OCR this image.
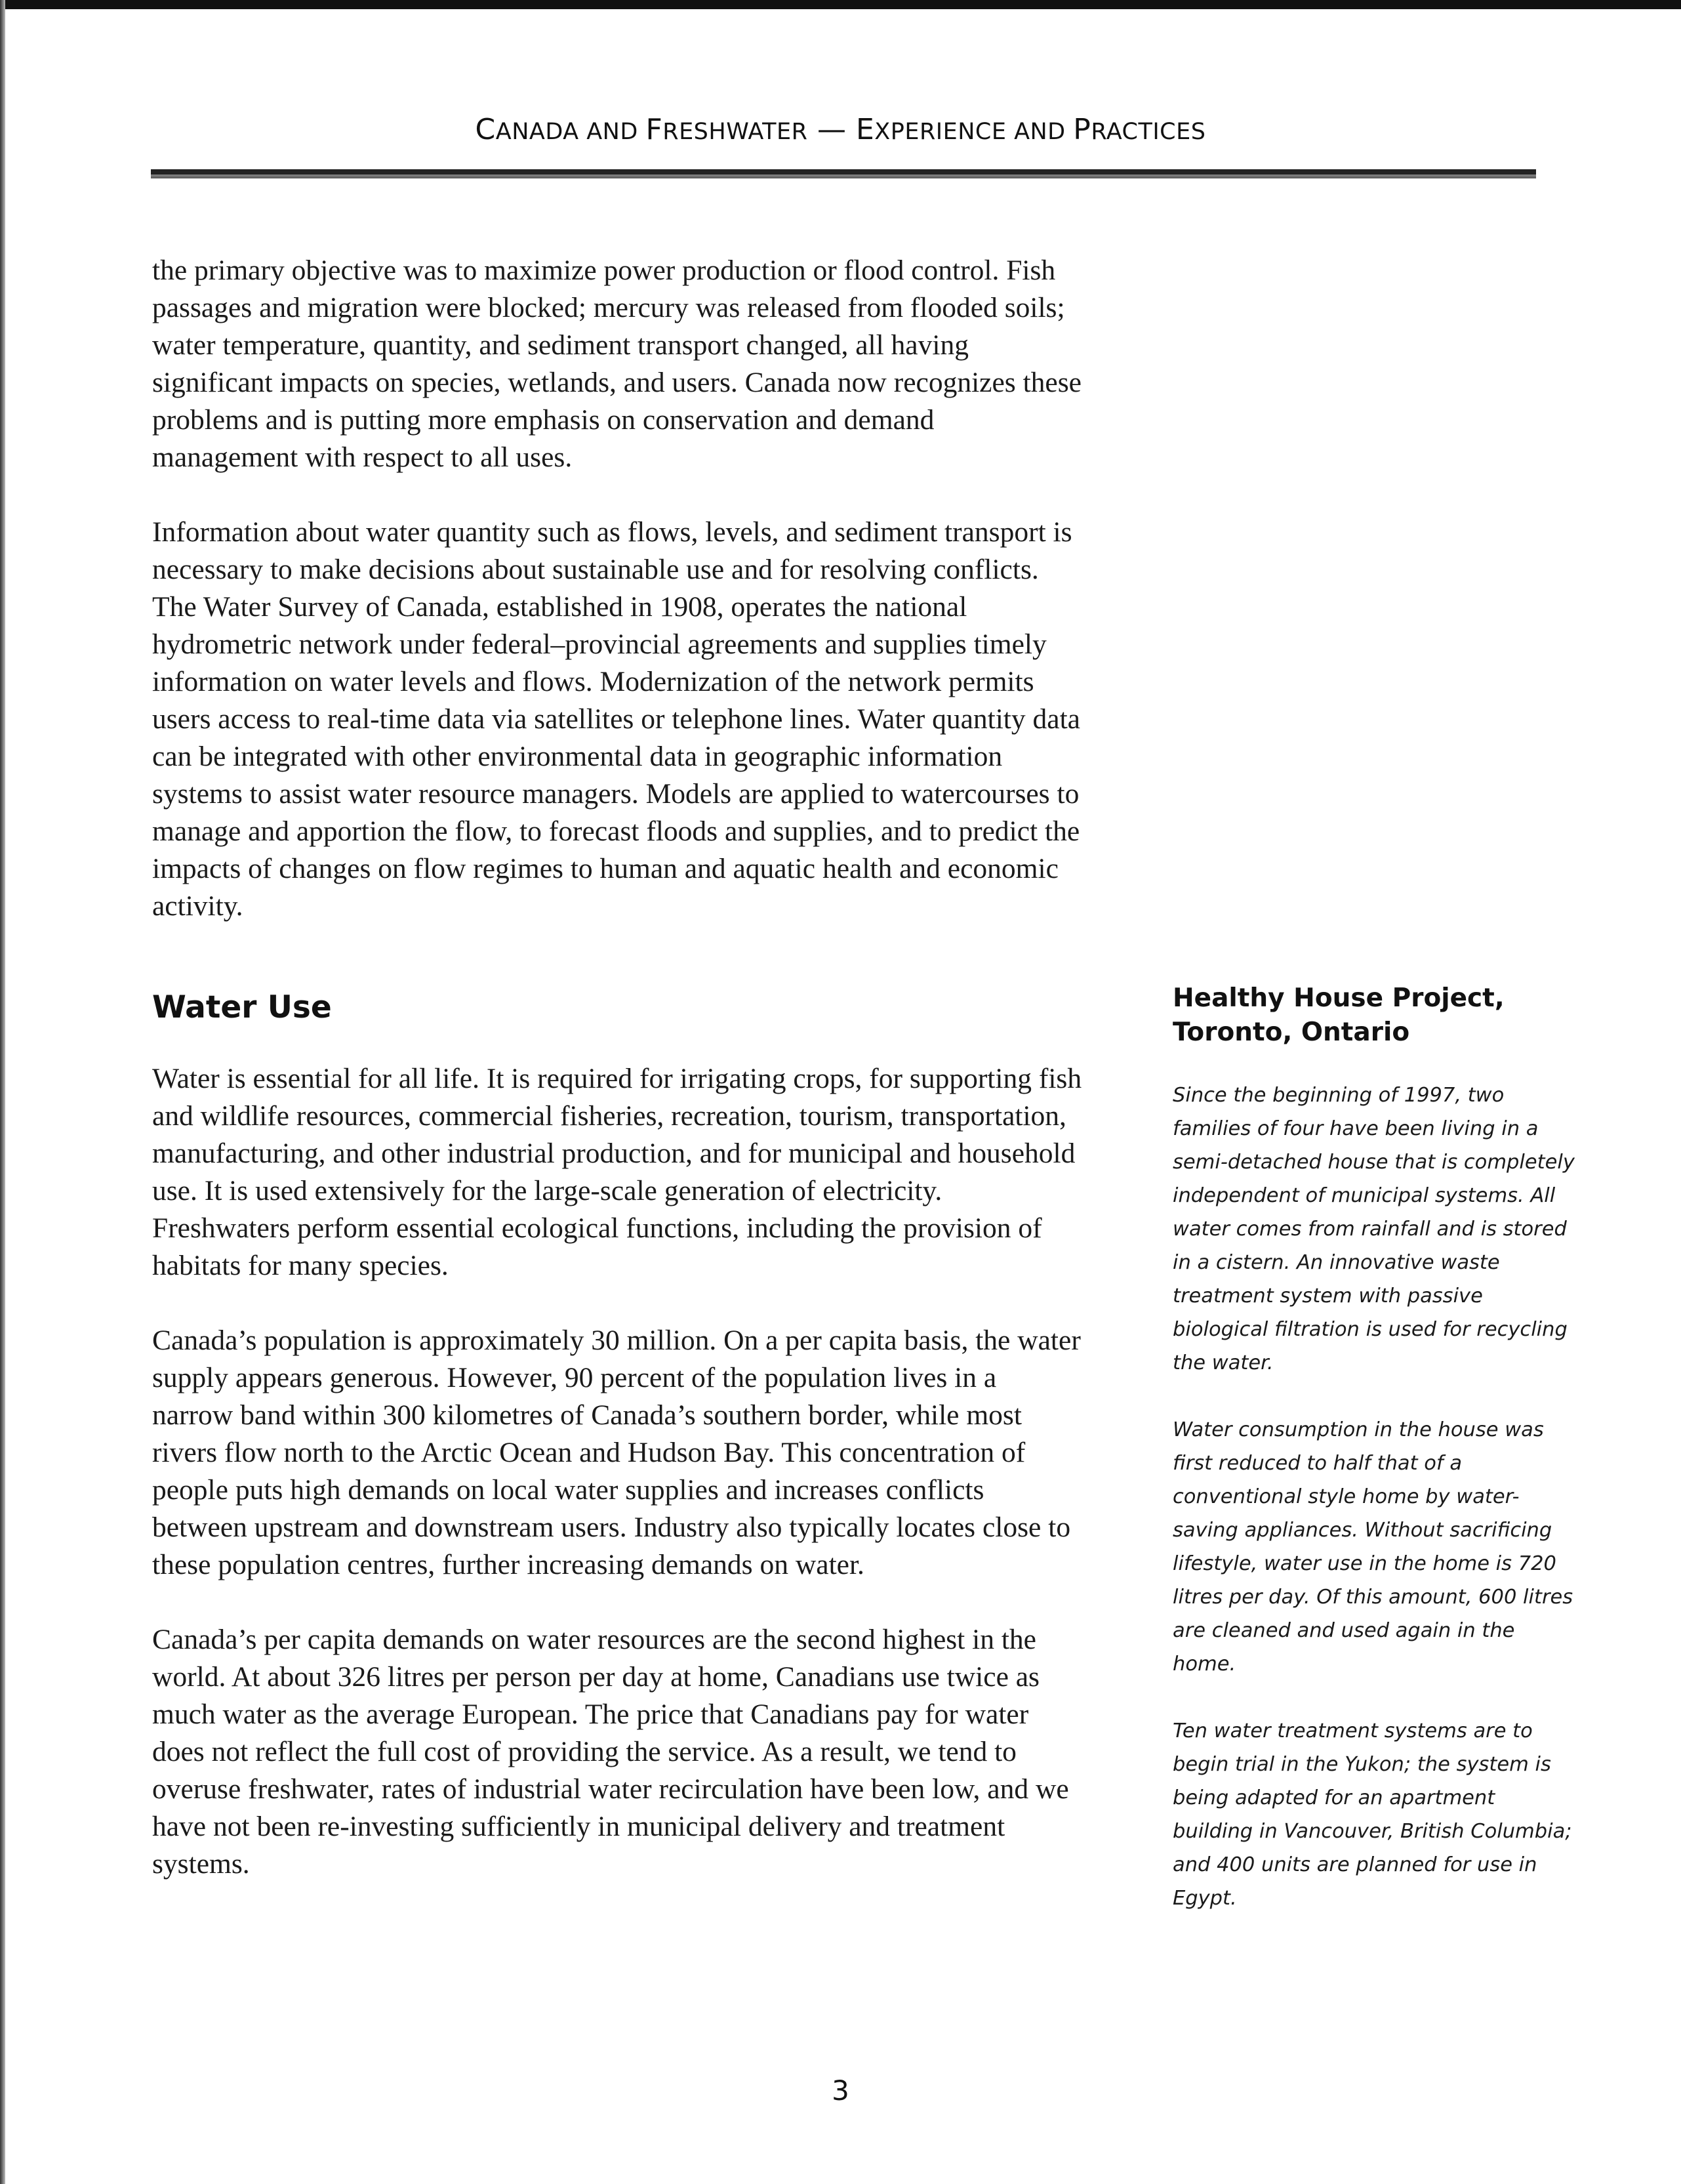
CANADA AND FRESHWATER — EXPERIENCE AND PRACTICES

the primary objective was to maximize power production or flood control. Fish passages and migration were blocked; mercury was released from flooded soils; water temperature, quantity, and sediment transport changed, all having significant impacts on species, wetlands, and users. Canada now recognizes these problems and is putting more emphasis on conservation and demand management with respect to all uses.

Information about water quantity such as flows, levels, and sediment transport is necessary to make decisions about sustainable use and for resolving conflicts. The Water Survey of Canada, established in 1908, operates the national hydrometric network under federal–provincial agreements and supplies timely information on water levels and flows. Modernization of the network permits users access to real-time data via satellites or telephone lines. Water quantity data can be integrated with other environmental data in geographic information systems to assist water resource managers. Models are applied to watercourses to manage and apportion the flow, to forecast floods and supplies, and to predict the impacts of changes on flow regimes to human and aquatic health and economic activity.

Water Use

Water is essential for all life. It is required for irrigating crops, for supporting fish and wildlife resources, commercial fisheries, recreation, tourism, transportation, manufacturing, and other industrial production, and for municipal and household use. It is used extensively for the large-scale generation of electricity. Freshwaters perform essential ecological functions, including the provision of habitats for many species.

Canada’s population is approximately 30 million. On a per capita basis, the water supply appears generous. However, 90 percent of the population lives in a narrow band within 300 kilometres of Canada’s southern border, while most rivers flow north to the Arctic Ocean and Hudson Bay. This concentration of people puts high demands on local water supplies and increases conflicts between upstream and downstream users. Industry also typically locates close to these population centres, further increasing demands on water.

Canada’s per capita demands on water resources are the second highest in the world. At about 326 litres per person per day at home, Canadians use twice as much water as the average European. The price that Canadians pay for water does not reflect the full cost of providing the service. As a result, we tend to overuse freshwater, rates of industrial water recirculation have been low, and we have not been re-investing sufficiently in municipal delivery and treatment systems.

Healthy House Project,
Toronto, Ontario

Since the beginning of 1997, two families of four have been living in a semi-detached house that is completely independent of municipal systems. All water comes from rainfall and is stored in a cistern. An innovative waste treatment system with passive biological filtration is used for recycling the water.

Water consumption in the house was first reduced to half that of a conventional style home by water-saving appliances. Without sacrificing lifestyle, water use in the home is 720 litres per day. Of this amount, 600 litres are cleaned and used again in the home.

Ten water treatment systems are to begin trial in the Yukon; the system is being adapted for an apartment building in Vancouver, British Columbia; and 400 units are planned for use in Egypt.

3
